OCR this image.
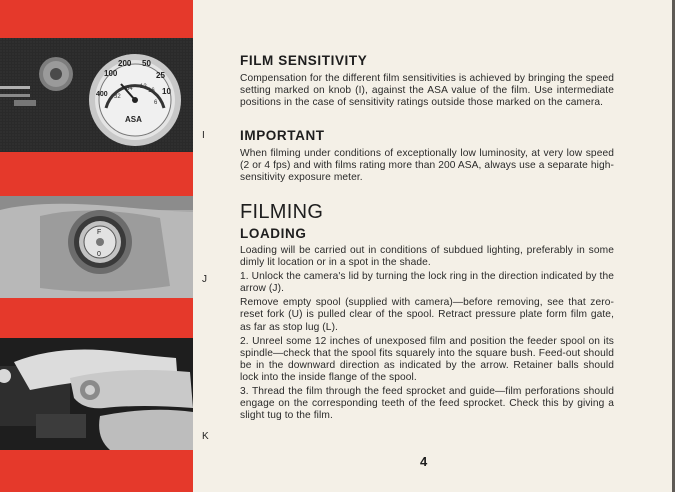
100
200 50
25
10
400	16
32
64 12
6
ASA
F
0
I
J
K
FILM SENSITIVITY

Compensation for the different film sensitivities is achieved by bringing the speed setting marked on knob (I), against the ASA value of the film. Use intermediate positions in the case of sensitivity ratings outside those marked on the camera.

IMPORTANT

When filming under conditions of exceptionally low luminosity, at very low speed (2 or 4 fps) and with films rating more than 200 ASA, always use a separate high-sensitivity exposure meter.

FILMING
LOADING

Loading will be carried out in conditions of subdued lighting, preferably in some dimly lit location or in a spot in the shade.

1. Unlock the camera's lid by turning the lock ring in the direction indicated by the arrow (J).

Remove empty spool (supplied with camera)—before removing, see that zero-reset fork (U) is pulled clear of the spool. Retract pressure plate form film gate, as far as stop lug (L).

2. Unreel some 12 inches of unexposed film and position the feeder spool on its spindle—check that the spool fits squarely into the square bush. Feed-out should be in the downward direction as indicated by the arrow. Retainer balls should lock into the inside flange of the spool.

3. Thread the film through the feed sprocket and guide—film perforations should engage on the corresponding teeth of the feed sprocket. Check this by giving a slight tug to the film.

4
